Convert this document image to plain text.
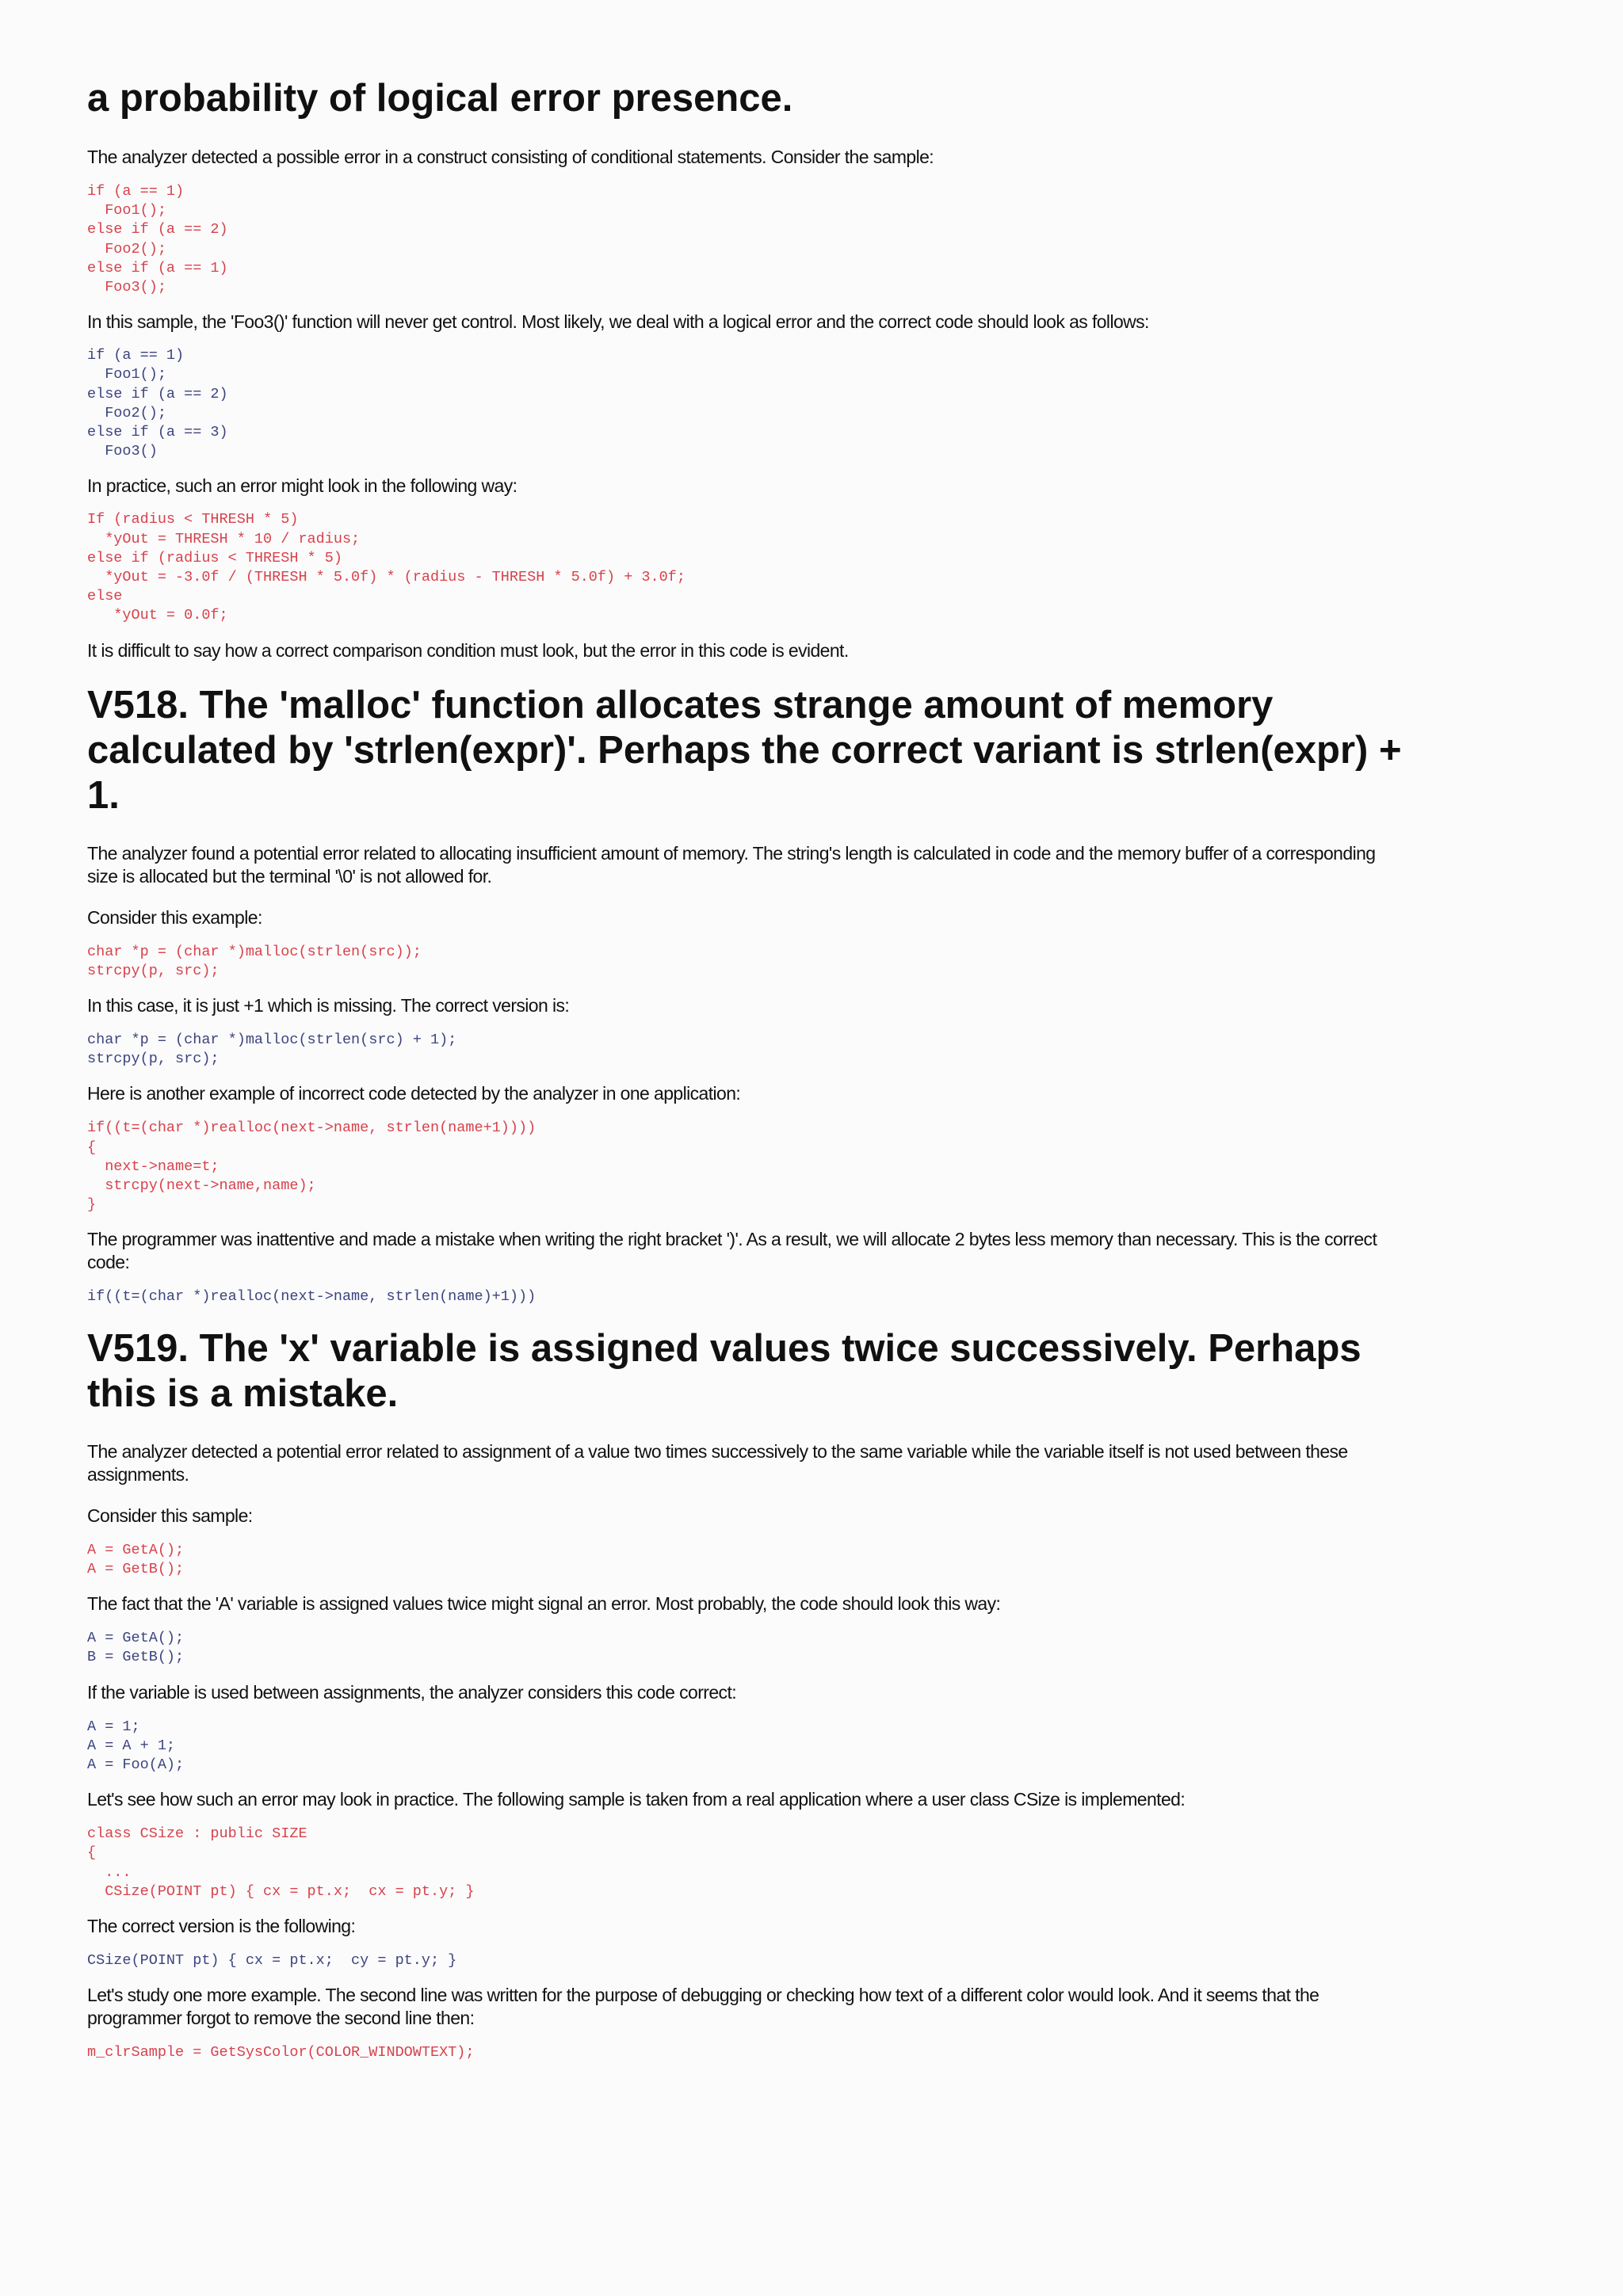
a probability of logical error presence.

The analyzer detected a possible error in a construct consisting of conditional statements. Consider the sample:

if (a == 1)
Foo1();
else if (a == 2)
Foo2();
else if (a == 1)
Foo3();

In this sample, the 'Foo3()' function will never get control. Most likely, we deal with a logical error and the correct code should look as follows:

if (a == 1)
Foo1();
else if (a == 2)
Foo2();
else if (a == 3)
Foo3()

In practice, such an error might look in the following way:

If (radius < THRESH * 5)
*yOut = THRESH * 10 / radius;
else if (radius < THRESH * 5)
*yOut = -3.0f / (THRESH * 5.0f) * (radius - THRESH * 5.0f) + 3.0f;
else
*yOut = 0.0f;

It is difficult to say how a correct comparison condition must look, but the error in this code is evident.

V518. The 'malloc' function allocates strange amount of memory calculated by 'strlen(expr)'. Perhaps the correct variant is strlen(expr) + 1.

The analyzer found a potential error related to allocating insufficient amount of memory. The string's length is calculated in code and the memory buffer of a corresponding size is allocated but the terminal '\0' is not allowed for.

Consider this example:

char *p = (char *)malloc(strlen(src));
strcpy(p, src);

In this case, it is just +1 which is missing. The correct version is:

char *p = (char *)malloc(strlen(src) + 1);
strcpy(p, src);

Here is another example of incorrect code detected by the analyzer in one application:

if((t=(char *)realloc(next->name, strlen(name+1))))
{
next->name=t;
strcpy(next->name,name);
}

The programmer was inattentive and made a mistake when writing the right bracket ')'. As a result, we will allocate 2 bytes less memory than necessary. This is the correct code:

if((t=(char *)realloc(next->name, strlen(name)+1)))
V519. The 'x' variable is assigned values twice successively. Perhaps this is a mistake.

The analyzer detected a potential error related to assignment of a value two times successively to the same variable while the variable itself is not used between these assignments.

Consider this sample:

A = GetA();
A = GetB();

The fact that the 'A' variable is assigned values twice might signal an error. Most probably, the code should look this way:

A = GetA();
B = GetB();

If the variable is used between assignments, the analyzer considers this code correct:

A = 1;
A = A + 1;
A = Foo(A);

Let's see how such an error may look in practice. The following sample is taken from a real application where a user class CSize is implemented:

class CSize : public SIZE
{
...
CSize(POINT pt) { cx = pt.x;  cx = pt.y; }

The correct version is the following:

CSize(POINT pt) { cx = pt.x;  cy = pt.y; }

Let's study one more example. The second line was written for the purpose of debugging or checking how text of a different color would look. And it seems that the programmer forgot to remove the second line then:

m_clrSample = GetSysColor(COLOR_WINDOWTEXT);
